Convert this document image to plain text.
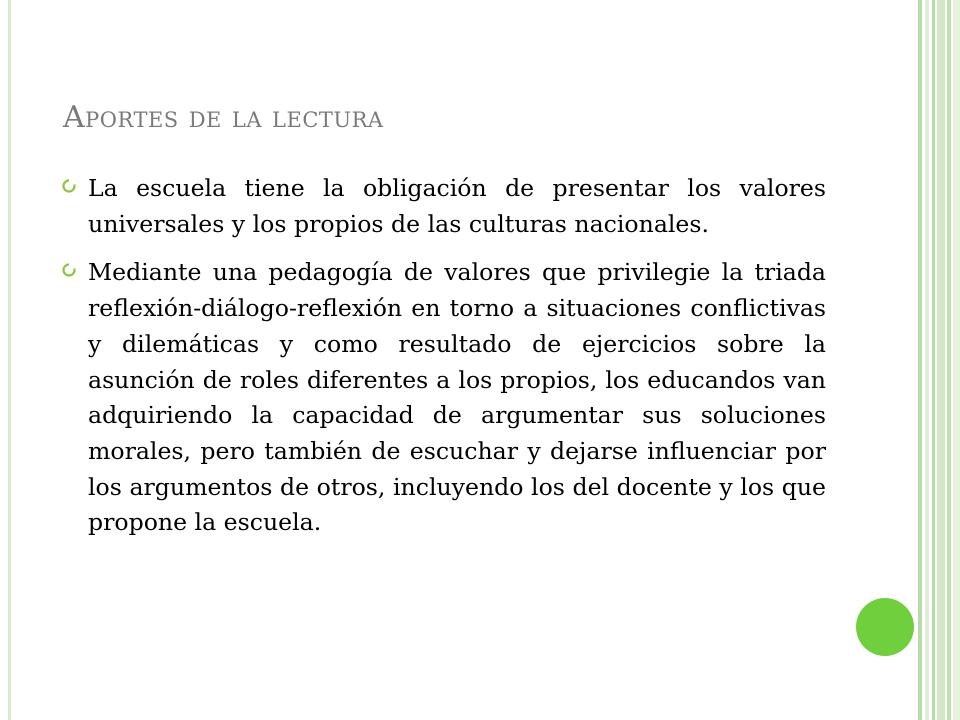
Aportes de la lectura
La escuela tiene la obligación de presentar los valores universales y los propios de las culturas nacionales.
Mediante una pedagogía de valores que privilegie la triada reflexión-diálogo-reflexión en torno a situaciones conflictivas y dilemáticas y como resultado de ejercicios sobre la asunción de roles diferentes a los propios, los educandos van adquiriendo la capacidad de argumentar sus soluciones morales, pero también de escuchar y dejarse influenciar por los argumentos de otros, incluyendo los del docente y los que propone la escuela.
